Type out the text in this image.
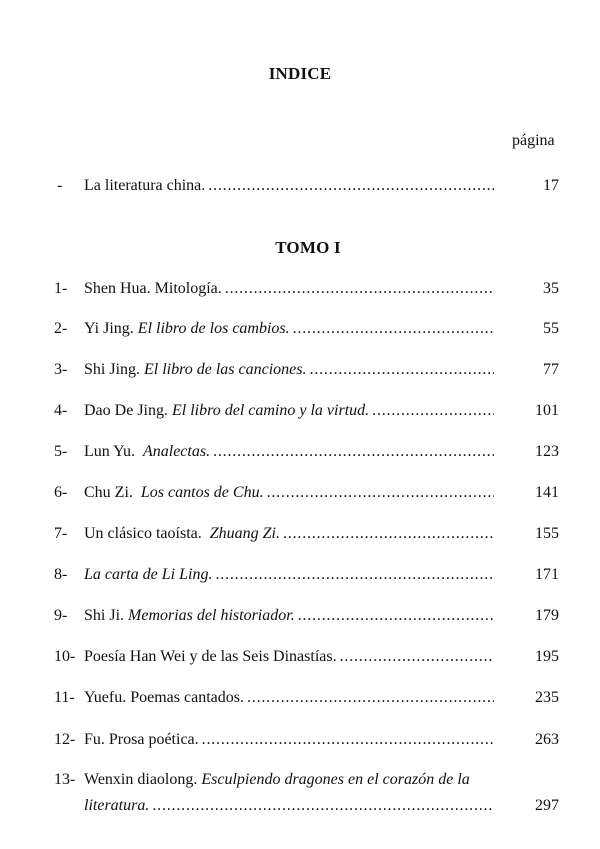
INDICE
página
- La literatura china. . . .	17
TOMO I
1- Shen Hua. Mitología. . . .	35
2- Yi Jing. El libro de los cambios. . . .	55
3- Shi Jing. El libro de las canciones. . . .	77
4- Dao De Jing. El libro del camino y la virtud. . . .	101
5- Lun Yu. Analectas. . . .	123
6- Chu Zi. Los cantos de Chu. . . .	141
7- Un clásico taoísta. Zhuang Zi. . . .	155
8- La carta de Li Ling. . . .	171
9- Shi Ji. Memorias del historiador. . . .	179
10- Poesía Han Wei y de las Seis Dinastías. . . .	195
11- Yuefu. Poemas cantados. . . .	235
12- Fu. Prosa poética. . . .	263
13- Wenxin diaolong. Esculpiendo dragones en el corazón de la
literatura. . . .	297
